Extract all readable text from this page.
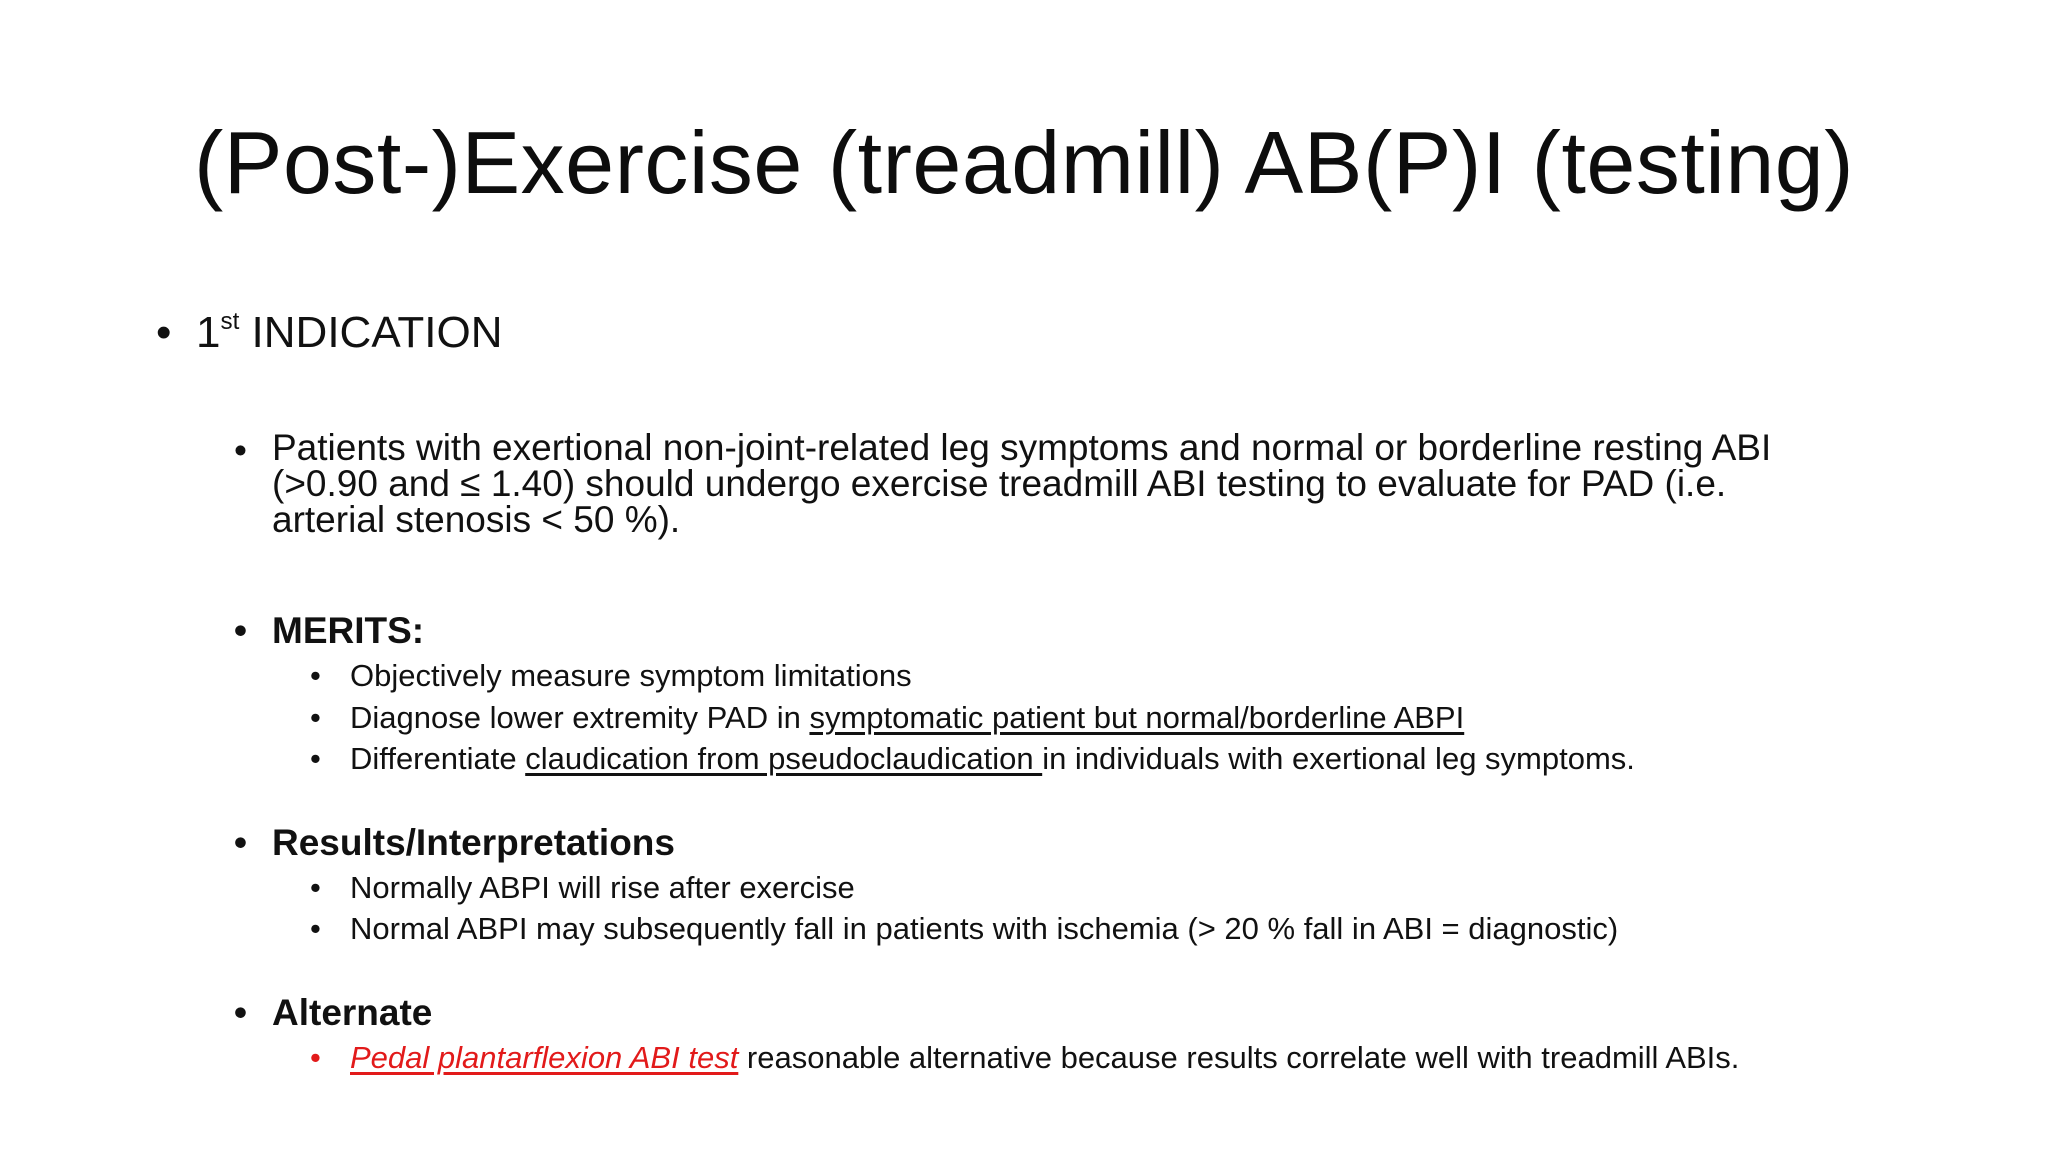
(Post-)Exercise (treadmill) AB(P)I (testing)
• 1st INDICATION
• Patients with exertional non-joint-related leg symptoms and normal or borderline resting ABI
(>0.90 and ≤ 1.40) should undergo exercise treadmill ABI testing to evaluate for PAD (i.e.
arterial stenosis < 50 %).
• MERITS:
• Objectively measure symptom limitations
• Diagnose lower extremity PAD in symptomatic patient but normal/borderline ABPI
• Differentiate claudication from pseudoclaudication in individuals with exertional leg symptoms.
• Results/Interpretations
• Normally ABPI will rise after exercise
• Normal ABPI may subsequently fall in patients with ischemia (> 20 % fall in ABI = diagnostic)
• Alternate
• Pedal plantarflexion ABI test reasonable alternative because results correlate well with treadmill ABIs.
